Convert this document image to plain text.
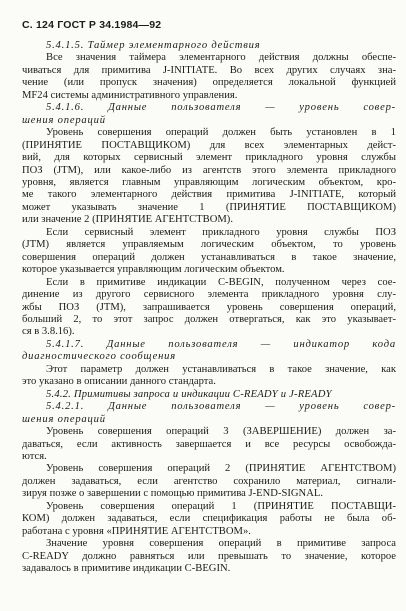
С. 124 ГОСТ Р 34.1984—92
5.4.1.5. Таймер элементарного действия
Все значения таймера элементарного действия должны обеспе-
чиваться для примитива J-INITIATE. Во всех других случаях зна-
чение (или пропуск значения) определяется локальной функцией
MF24 системы административного управления.
5.4.1.6. Данные пользователя — уровень совер-
шения операций
Уровень совершения операций должен быть установлен в 1
(ПРИНЯТИЕ ПОСТАВЩИКОМ) для всех элементарных дейст-
вий, для которых сервисный элемент прикладного уровня службы
ПОЗ (JTM), или какое-либо из агентств этого элемента прикладного
уровня, является главным управляющим логическим объектом, кро-
ме такого элементарного действия примитива J-INITIATE, который
может указывать значение 1 (ПРИНЯТИЕ ПОСТАВЩИКОМ)
или значение 2 (ПРИНЯТИЕ АГЕНТСТВОМ).
Если сервисный элемент прикладного уровня службы ПОЗ
(JTM) является управляемым логическим объектом, то уровень
совершения операций должен устанавливаться в такое значение,
которое указывается управляющим логическим объектом.
Если в примитиве индикации C-BEGIN, полученном через сое-
динение из другого сервисного элемента прикладного уровня слу-
жбы ПОЗ (JTM), запрашивается уровень совершения операций,
больший 2, то этот запрос должен отвергаться, как это указывает-
ся в 3.8.16).
5.4.1.7. Данные пользователя — индикатор кода
диагностического сообщения
Этот параметр должен устанавливаться в такое значение, как
это указано в описании данного стандарта.
5.4.2. Примитивы запроса и индикации C-READY и J-READY
5.4.2.1. Данные пользователя — уровень совер-
шения операций
Уровень совершения операций 3 (ЗАВЕРШЕНИЕ) должен за-
даваться, если активность завершается и все ресурсы освобожда-
ются.
Уровень совершения операций 2 (ПРИНЯТИЕ АГЕНТСТВОМ)
должен задаваться, если агентство сохранило материал, сигнали-
зируя позже о завершении с помощью примитива J-END-SIGNAL.
Уровень совершения операций 1 (ПРИНЯТИЕ ПОСТАВЩИ-
КОМ) должен задаваться, если спецификация работы не была об-
работана с уровня «ПРИНЯТИЕ АГЕНТСТВОМ».
Значение уровня совершения операций в примитиве запроса
C-READY должно равняться или превышать то значение, которое
задавалось в примитиве индикации C-BEGIN.
